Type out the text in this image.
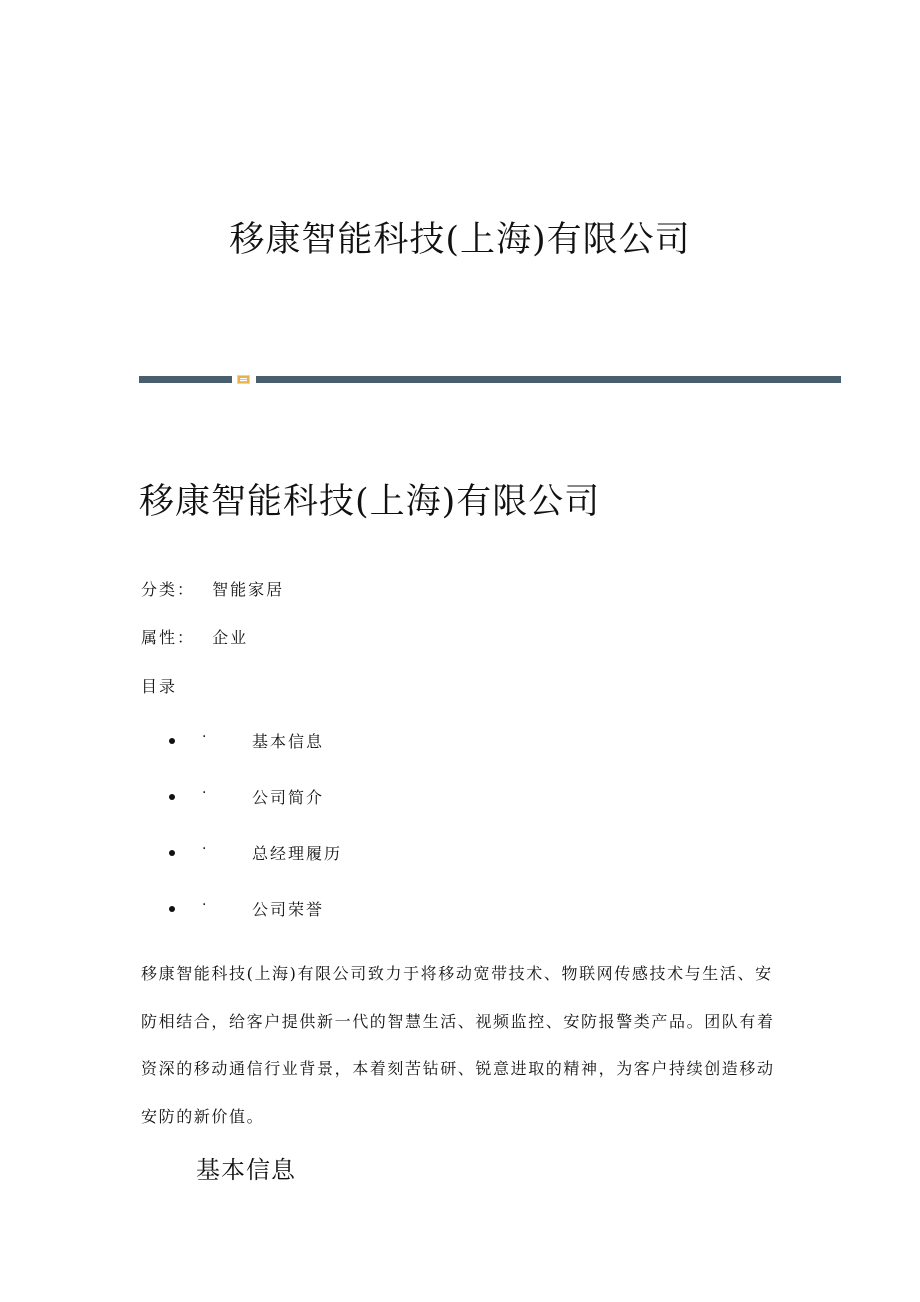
移康智能科技(上海)有限公司
移康智能科技(上海)有限公司
分类： 智能家居
属性： 企业
目录
·	基本信息
·	公司简介
·	总经理履历
·	公司荣誉

移康智能科技(上海)有限公司致力于将移动宽带技术、物联网传感技术与生活、安防相结合，给客户提供新一代的智慧生活、视频监控、安防报警类产品。团队有着资深的移动通信行业背景，本着刻苦钻研、锐意进取的精神，为客户持续创造移动安防的新价值。

基本信息
